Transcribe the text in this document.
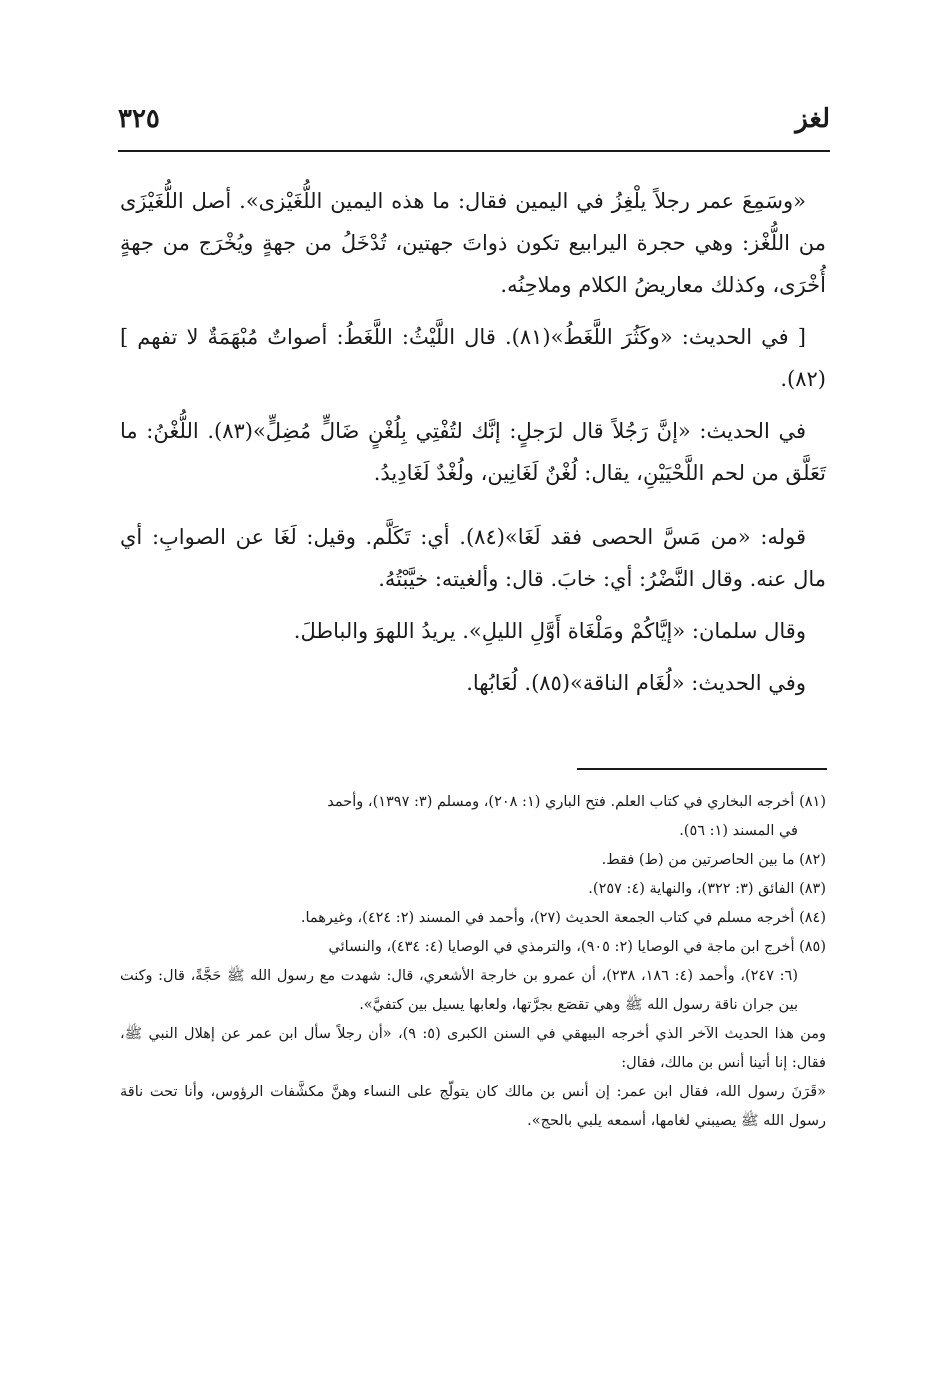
لغز
٣٢٥

«وسَمِعَ عمر رجلاً يلْغِزُ في اليمين فقال: ما هذه اليمين اللُّغَيْزى». أصل اللُّغَيْزَى من اللُّغْز: وهي حجرة اليرابيع تكون ذواتَ جهتين، تُدْخَلُ من جهةٍ ويُخْرَج من جهةٍ أُخْرَى، وكذلك معاريضُ الكلام وملاحِنُه.

[ في الحديث: «وكَثُرَ اللَّغَطُ»(٨١). قال اللَّيْثُ: اللَّغَطُ: أصواتٌ مُبْهَمَةٌ لا تفهم ](٨٢).

في الحديث: «إنَّ رَجُلاً قال لرَجلٍ: إنَّك لتُفْتِي بِلُغْنٍ ضَالٍّ مُضِلٍّ»(٨٣). اللُّغْنُ: ما تَعَلَّق من لحم اللَّحْيَيْنِ، يقال: لُغْنٌ لَغَانِين، ولُغْدٌ لَغَادِيدُ.

قوله: «من مَسَّ الحصى فقد لَغَا»(٨٤). أي: تَكَلَّم. وقيل: لَغَا عن الصوابِ: أي مال عنه. وقال النَّضْرُ: أي: خابَ. قال: وألغيته: خيَّبْتُهُ.

وقال سلمان: «إيَّاكُمْ ومَلْغَاة أَوَّلِ الليلِ». يريدُ اللهوَ والباطلَ.

وفي الحديث: «لُغَام الناقة»(٨٥). لُعَابُها.

(٨١) أخرجه البخاري في كتاب العلم. فتح الباري (١: ٢٠٨)، ومسلم (٣: ١٣٩٧)، وأحمد
في المسند (١: ٥٦).

(٨٢) ما بين الحاصرتين من (ط) فقط.

(٨٣) الفائق (٣: ٣٢٢)، والنهاية (٤: ٢٥٧).

(٨٤) أخرجه مسلم في كتاب الجمعة الحديث (٢٧)، وأحمد في المسند (٢: ٤٢٤)، وغيرهما.

(٨٥) أخرج ابن ماجة في الوصايا (٢: ٩٠٥)، والترمذي في الوصايا (٤: ٤٣٤)، والنسائي
(٦: ٢٤٧)، وأحمد (٤: ١٨٦، ٢٣٨)، أن عمرو بن خارجة الأشعري، قال: شهدت مع رسول الله ﷺ حَجَّةً، قال: وكنت بين جران ناقة رسول الله ﷺ وهي تقصَع بجرَّتها، ولعابها يسيل بين كتفيَّ».

ومن هذا الحديث الآخر الذي أخرجه البيهقي في السنن الكبرى (٥: ٩)، «أن رجلاً سأل ابن عمر عن إهلال النبي ﷺ، فقال: إنا أتينا أنس بن مالك، فقال:

«قَرَنَ رسول الله، فقال ابن عمر: إن أنس بن مالك كان يتولّج على النساء وهنَّ مكشَّفات الرؤوس، وأنا تحت ناقة رسول الله ﷺ يصيبني لغامها، أسمعه يلبي بالحج».
